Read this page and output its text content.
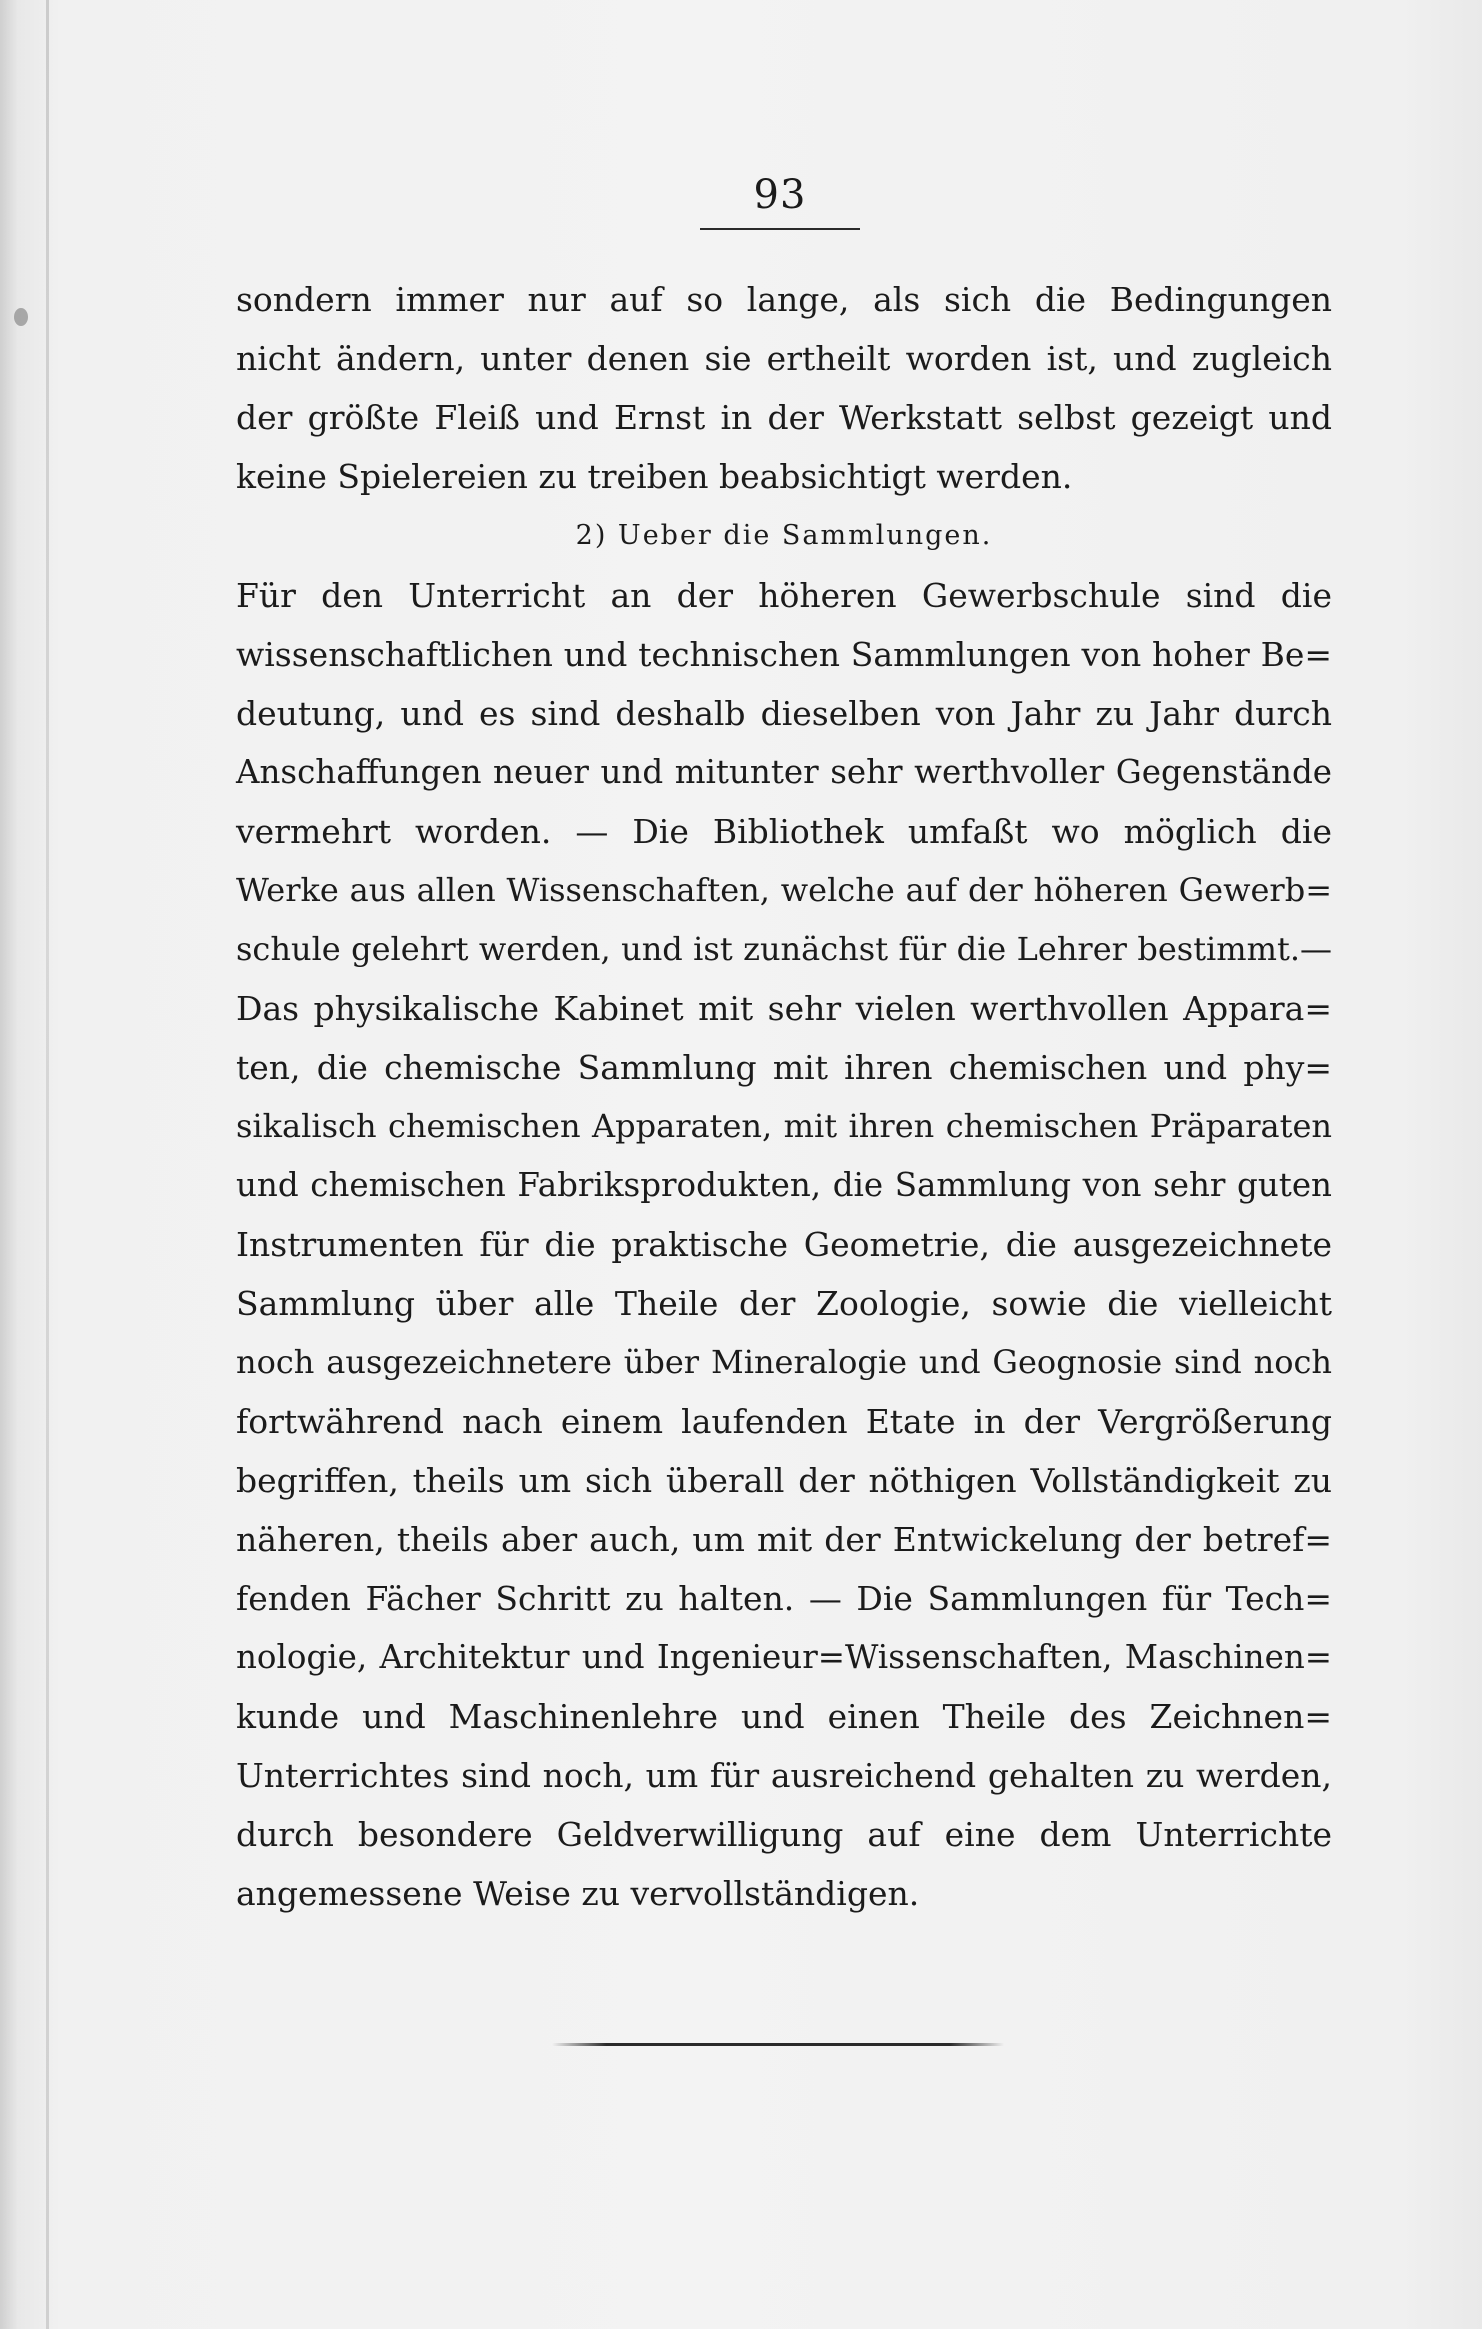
93
sondern immer nur auf so lange, als sich die Bedingungen
nicht ändern, unter denen sie ertheilt worden ist, und zugleich
der größte Fleiß und Ernst in der Werkstatt selbst gezeigt und
keine Spielereien zu treiben beabsichtigt werden.
2) Ueber die Sammlungen.
Für den Unterricht an der höheren Gewerbschule sind die
wissenschaftlichen und technischen Sammlungen von hoher Be=
deutung, und es sind deshalb dieselben von Jahr zu Jahr durch
Anschaffungen neuer und mitunter sehr werthvoller Gegenstände
vermehrt worden. — Die Bibliothek umfaßt wo möglich die
Werke aus allen Wissenschaften, welche auf der höheren Gewerb=
schule gelehrt werden, und ist zunächst für die Lehrer bestimmt.—
Das physikalische Kabinet mit sehr vielen werthvollen Appara=
ten, die chemische Sammlung mit ihren chemischen und phy=
sikalisch chemischen Apparaten, mit ihren chemischen Präparaten
und chemischen Fabriksprodukten, die Sammlung von sehr guten
Instrumenten für die praktische Geometrie, die ausgezeichnete
Sammlung über alle Theile der Zoologie, sowie die vielleicht
noch ausgezeichnetere über Mineralogie und Geognosie sind noch
fortwährend nach einem laufenden Etate in der Vergrößerung
begriffen, theils um sich überall der nöthigen Vollständigkeit zu
näheren, theils aber auch, um mit der Entwickelung der betref=
fenden Fächer Schritt zu halten. — Die Sammlungen für Tech=
nologie, Architektur und Ingenieur=Wissenschaften, Maschinen=
kunde und Maschinenlehre und einen Theile des Zeichnen=
Unterrichtes sind noch, um für ausreichend gehalten zu werden,
durch besondere Geldverwilligung auf eine dem Unterrichte
angemessene Weise zu vervollständigen.
